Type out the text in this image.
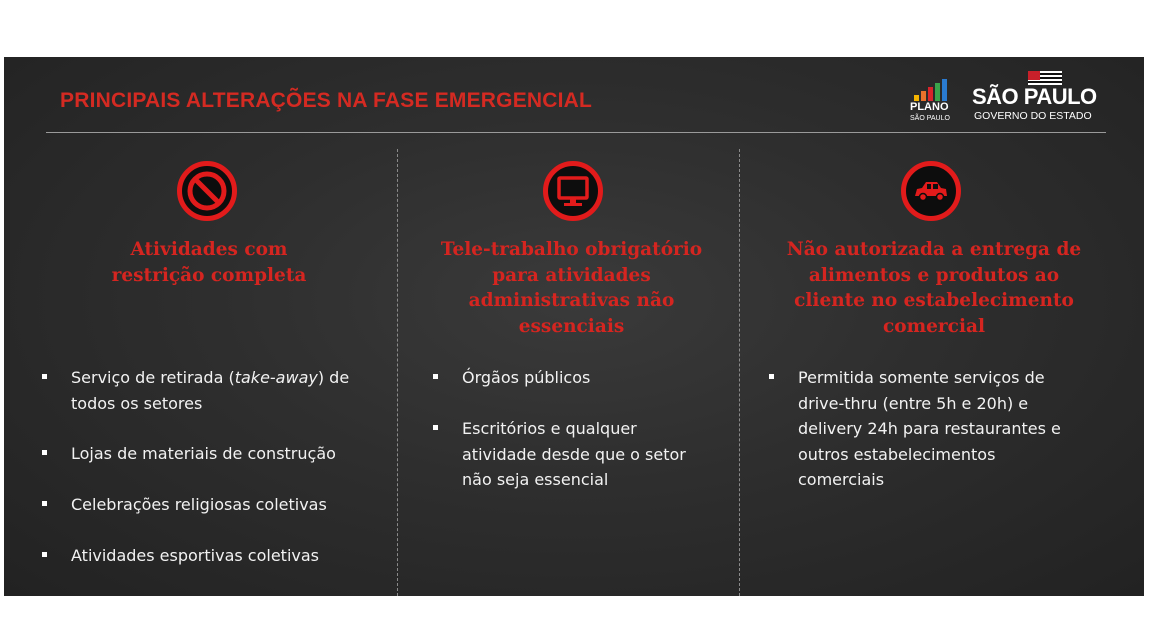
PRINCIPAIS ALTERAÇÕES NA FASE EMERGENCIAL	PLANO
SÃO PAULO
SÃO PAULO
GOVERNO DO ESTADO
Atividades com
restrição completa
Serviço de retirada (take-away) de
todos os setores
Lojas de materiais de construção
Celebrações religiosas coletivas
Atividades esportivas coletivas
Tele-trabalho obrigatório
para atividades
administrativas não
essenciais
Órgãos públicos
Escritórios e qualquer
atividade desde que o setor
não seja essencial
Não autorizada a entrega de
alimentos e produtos ao
cliente no estabelecimento
comercial
Permitida somente serviços de
drive-thru (entre 5h e 20h) e
delivery 24h para restaurantes e
outros estabelecimentos
comerciais
